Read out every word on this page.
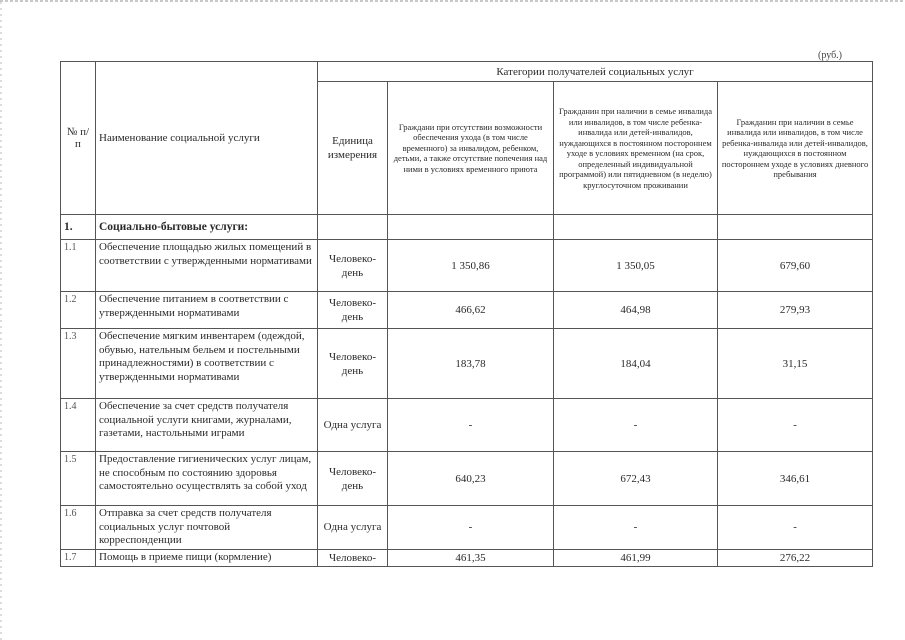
(руб.)
№ п/п	Наименование социальной услуги	Категории получателей социальных услуг			
		Единица измерения	Граждани при отсутствии возможности обеспечения ухода (в том числе временного) за инвалидом, ребенком, детьми, а также отсутствие попечения над ними в условиях временного приюта	Гражданин при наличии в семье инвалида или инвалидов, в том числе ребенка-инвалида или детей-инвалидов, нуждающихся в постоянном постороннем уходе в условиях временном (на срок, определенный индивидуальной программой) или пятидневном (в неделю) круглосуточном проживании	Гражданин при наличии в семье инвалида или инвалидов, в том числе ребенка-инвалида или детей-инвалидов, нуждающихся в постоянном постороннем уходе в условиях дневного пребывания
1.	Социально-бытовые услуги:				
1.1	Обеспечение площадью жилых помещений в соответствии с утвержденными нормативами	Человеко-день	1 350,86	1 350,05	679,60
1.2	Обеспечение питанием в соответствии с утвержденными нормативами	Человеко-день	466,62	464,98	279,93
1.3	Обеспечение мягким инвентарем (одеждой, обувью, нательным бельем и постельными принадлежностями) в соответствии с утвержденными нормативами	Человеко-день	183,78	184,04	31,15
1.4	Обеспечение за счет средств получателя социальной услуги книгами, журналами, газетами, настольными играми	Одна услуга	-	-	-
1.5	Предоставление гигиенических услуг лицам, не способным по состоянию здоровья самостоятельно осуществлять за собой уход	Человеко-день	640,23	672,43	346,61
1.6	Отправка за счет средств получателя социальных услуг почтовой корреспонденции	Одна услуга	-	-	-
1.7	Помощь в приеме пищи (кормление)	Человеко-	461,35	461,99	276,22
